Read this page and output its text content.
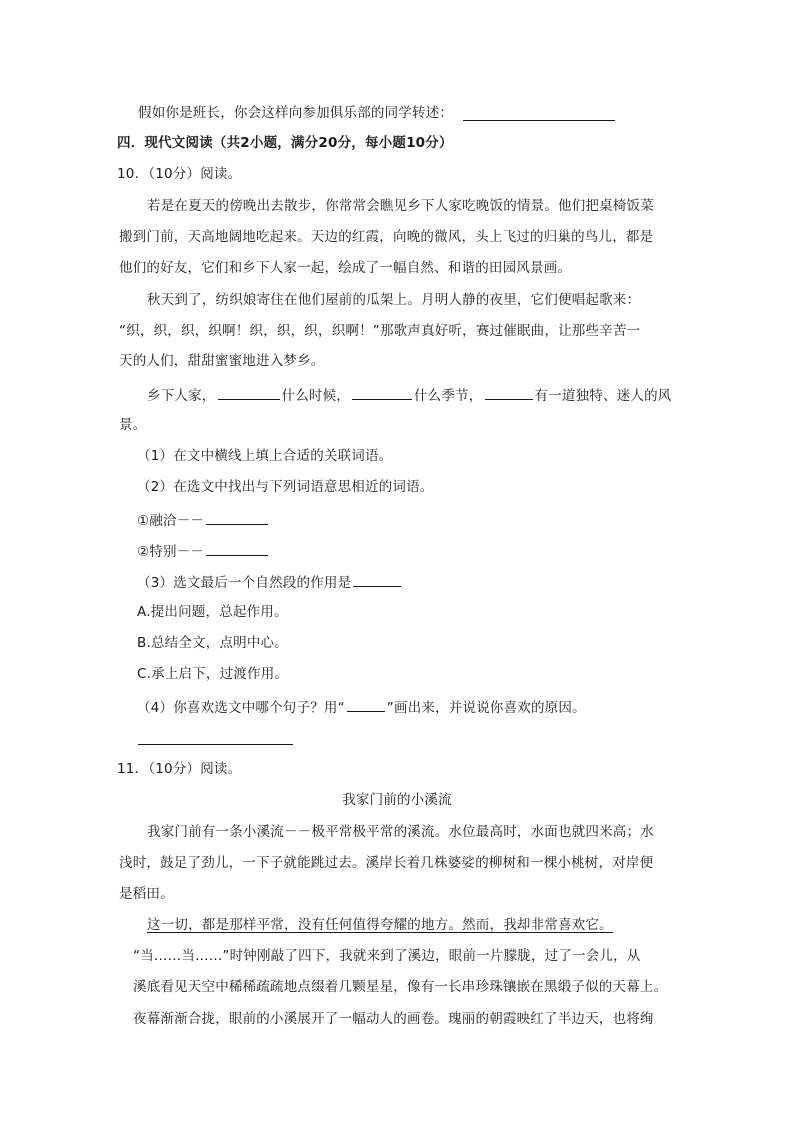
假如你是班长，你会这样向参加俱乐部的同学转述：
四．现代文阅读（共2小题，满分20分，每小题10分）
10．（10分）阅读。
若是在夏天的傍晚出去散步，你常常会瞧见乡下人家吃晚饭的情景。他们把桌椅饭菜
搬到门前，天高地阔地吃起来。天边的红霞，向晚的微风，头上飞过的归巢的鸟儿，都是
他们的好友，它们和乡下人家一起，绘成了一幅自然、和谐的田园风景画。
秋天到了，纺织娘寄住在他们屋前的瓜架上。月明人静的夜里，它们便唱起歌来：
“织，织，织，织啊！织，织，织，织啊！”那歌声真好听，赛过催眠曲，让那些辛苦一
天的人们，甜甜蜜蜜地进入梦乡。
乡下人家，	什么时候，	什么季节，	有一道独特、迷人的风
景。
（1）在文中横线上填上合适的关联词语。
（2）在选文中找出与下列词语意思相近的词语。
①融洽－－
②特别－－
（3）选文最后一个自然段的作用是
A.提出问题，总起作用。
B.总结全文，点明中心。
C.承上启下，过渡作用。
（4）你喜欢选文中哪个句子？用“	”画出来，并说说你喜欢的原因。
11．（10分）阅读。
我家门前的小溪流
我家门前有一条小溪流－－极平常极平常的溪流。水位最高时，水面也就四米高；水
浅时，鼓足了劲儿，一下子就能跳过去。溪岸长着几株婆娑的柳树和一棵小桃树，对岸便
是稻田。
这一切，都是那样平常，没有任何值得夸耀的地方。然而，我却非常喜欢它。
“当……当……”时钟刚敲了四下，我就来到了溪边，眼前一片朦胧，过了一会儿，从
溪底看见天空中稀稀疏疏地点缀着几颗星星，像有一长串珍珠镶嵌在黑缎子似的天幕上。
夜幕渐渐合拢，眼前的小溪展开了一幅动人的画卷。瑰丽的朝霞映红了半边天，也将绚
